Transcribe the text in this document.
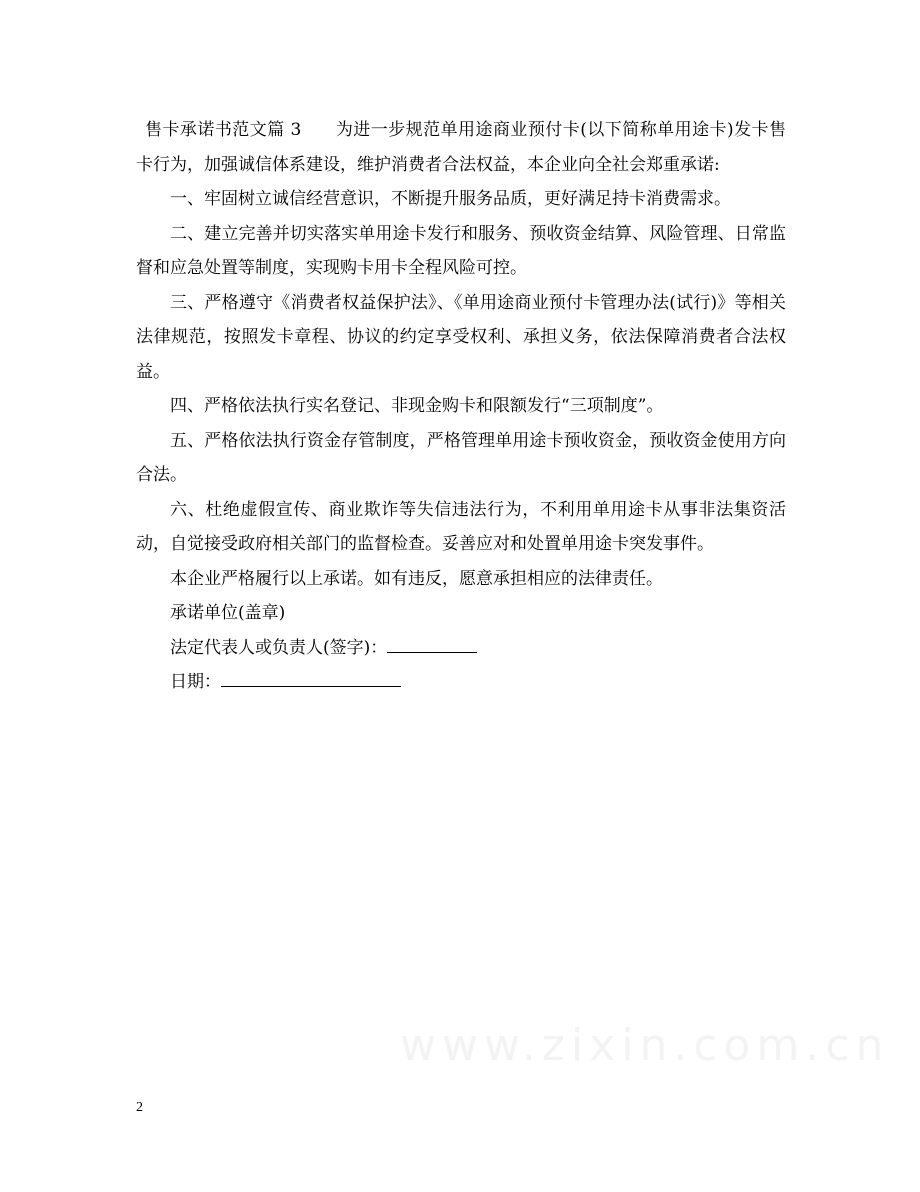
售卡承诺书范文篇 3 为进一步规范单用途商业预付卡(以下简称单用途卡)发卡售卡行为，加强诚信体系建设，维护消费者合法权益，本企业向全社会郑重承诺:

一、牢固树立诚信经营意识，不断提升服务品质，更好满足持卡消费需求。

二、建立完善并切实落实单用途卡发行和服务、预收资金结算、风险管理、日常监督和应急处置等制度，实现购卡用卡全程风险可控。

三、严格遵守《消费者权益保护法》、《单用途商业预付卡管理办法(试行)》等相关法律规范，按照发卡章程、协议的约定享受权利、承担义务，依法保障消费者合法权益。

四、严格依法执行实名登记、非现金购卡和限额发行“三项制度”。

五、严格依法执行资金存管制度，严格管理单用途卡预收资金，预收资金使用方向合法。

六、杜绝虚假宣传、商业欺诈等失信违法行为，不利用单用途卡从事非法集资活动，自觉接受政府相关部门的监督检查。妥善应对和处置单用途卡突发事件。

本企业严格履行以上承诺。如有违反，愿意承担相应的法律责任。

承诺单位(盖章)

法定代表人或负责人(签字)：

日期：

www.zixin.com.cn
2
